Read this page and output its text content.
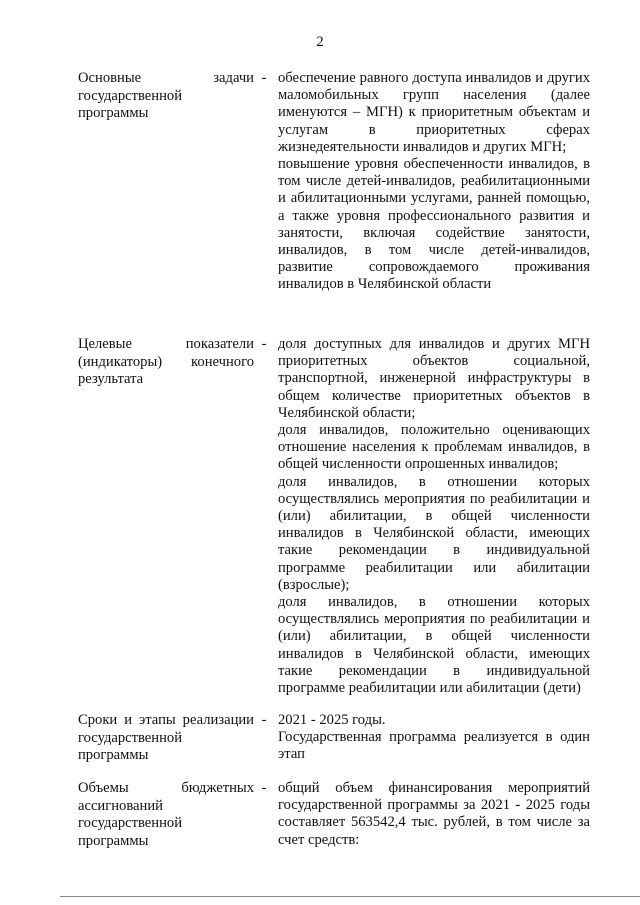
2

Основные задачи государственной программы

- обеспечение равного доступа инвалидов и других маломобильных групп населения (далее именуются – МГН) к приоритетным объектам и услугам в приоритетных сферах жизнедеятельности инвалидов и других МГН;

повышение уровня обеспеченности инвалидов, в том числе детей-инвалидов, реабилитационными и абилитационными услугами, ранней помощью, а также уровня профессионального развития и занятости, включая содействие занятости, инвалидов, в том числе детей-инвалидов, развитие сопровождаемого проживания инвалидов в Челябинской области

Целевые показатели (индикаторы) конечного результата

- доля доступных для инвалидов и других МГН приоритетных объектов социальной, транспортной, инженерной инфраструктуры в общем количестве приоритетных объектов в Челябинской области;

доля инвалидов, положительно оценивающих отношение населения к проблемам инвалидов, в общей численности опрошенных инвалидов;

доля инвалидов, в отношении которых осуществлялись мероприятия по реабилитации и (или) абилитации, в общей численности инвалидов в Челябинской области, имеющих такие рекомендации в индивидуальной программе реабилитации или абилитации (взрослые);

доля инвалидов, в отношении которых осуществлялись мероприятия по реабилитации и (или) абилитации, в общей численности инвалидов в Челябинской области, имеющих такие рекомендации в индивидуальной программе реабилитации или абилитации (дети)

Сроки и этапы реализации государственной программы

- 2021 - 2025 годы.

Государственная программа реализуется в один этап

Объемы бюджетных ассигнований государственной программы

- общий объем финансирования мероприятий государственной программы за 2021 - 2025 годы составляет 563542,4 тыс. рублей, в том числе за счет средств:
